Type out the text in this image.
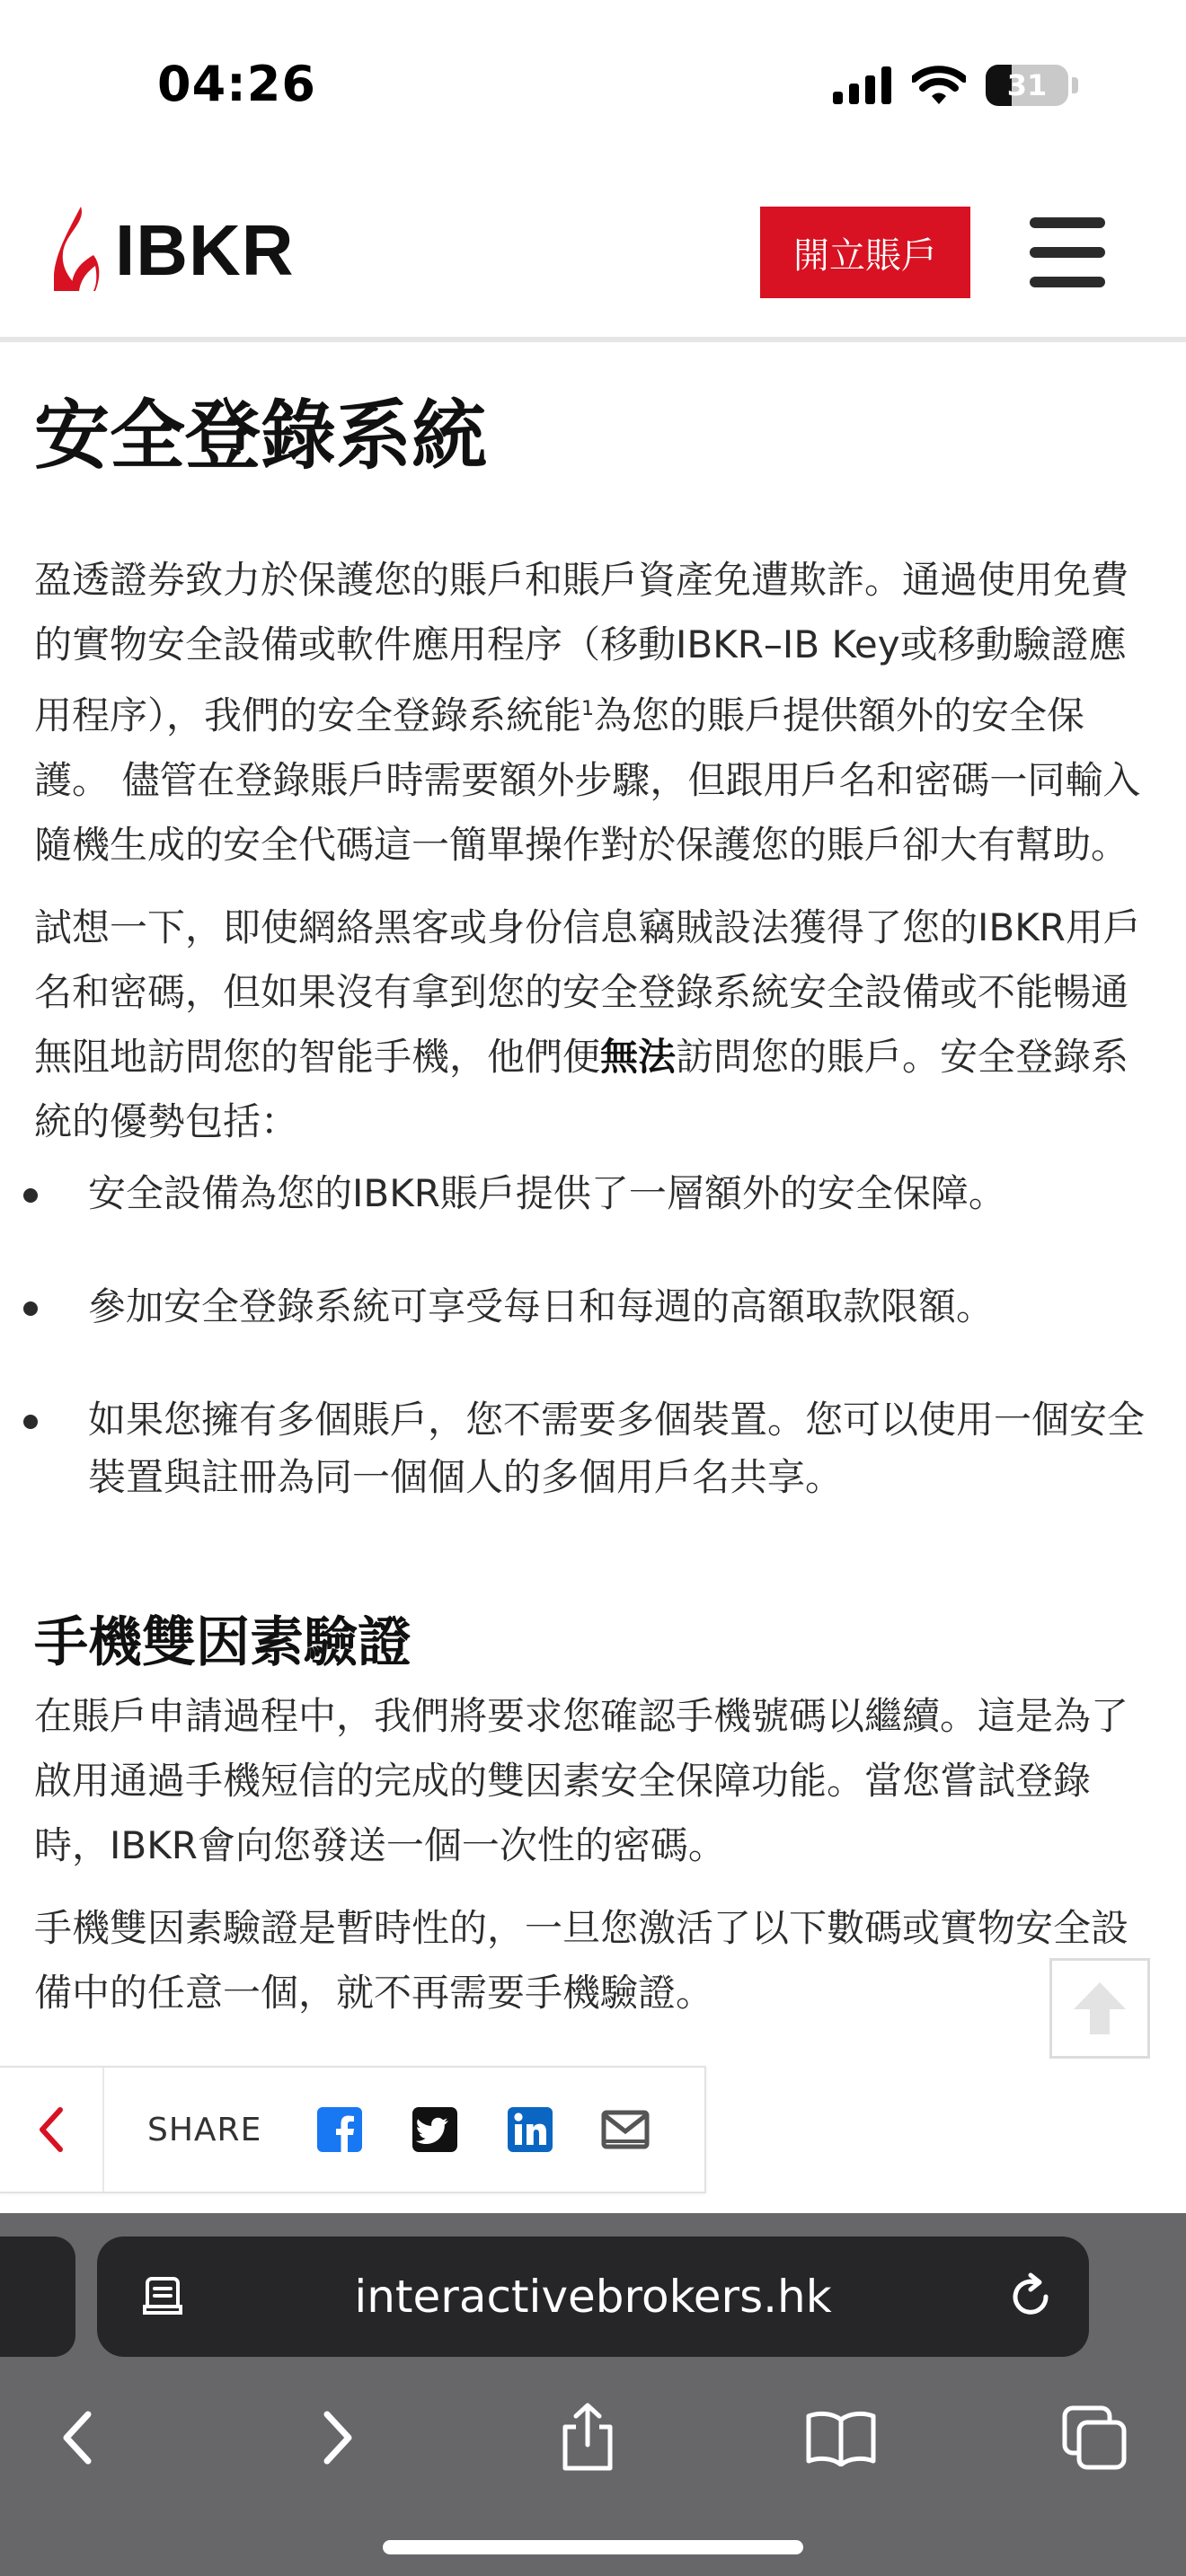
04:26	31
IBKR	開立賬戶
安全登錄系統

盈透證券致力於保護您的賬戶和賬戶資產免遭欺詐。通過使用免費的實物安全設備或軟件應用程序（移動IBKR–IB Key或移動驗證應用程序），我們的安全登錄系統能$^1$為您的賬戶提供額外的安全保護。 儘管在登錄賬戶時需要額外步驟，但跟用戶名和密碼一同輸入隨機生成的安全代碼這一簡單操作對於保護您的賬戶卻大有幫助。

試想一下，即使網絡黑客或身份信息竊賊設法獲得了您的IBKR用戶名和密碼，但如果沒有拿到您的安全登錄系統安全設備或不能暢通無阻地訪問您的智能手機，他們便無法訪問您的賬戶。安全登錄系統的優勢包括：

安全設備為您的IBKR賬戶提供了一層額外的安全保障。
參加安全登錄系統可享受每日和每週的高額取款限額。
如果您擁有多個賬戶，您不需要多個裝置。您可以使用一個安全裝置與註冊為同一個個人的多個用戶名共享。
手機雙因素驗證

在賬戶申請過程中，我們將要求您確認手機號碼以繼續。這是為了啟用通過手機短信的完成的雙因素安全保障功能。當您嘗試登錄時，IBKR會向您發送一個一次性的密碼。

手機雙因素驗證是暫時性的，一旦您激活了以下數碼或實物安全設備中的任意一個，就不再需要手機驗證。

SHARE
interactivebrokers.hk
